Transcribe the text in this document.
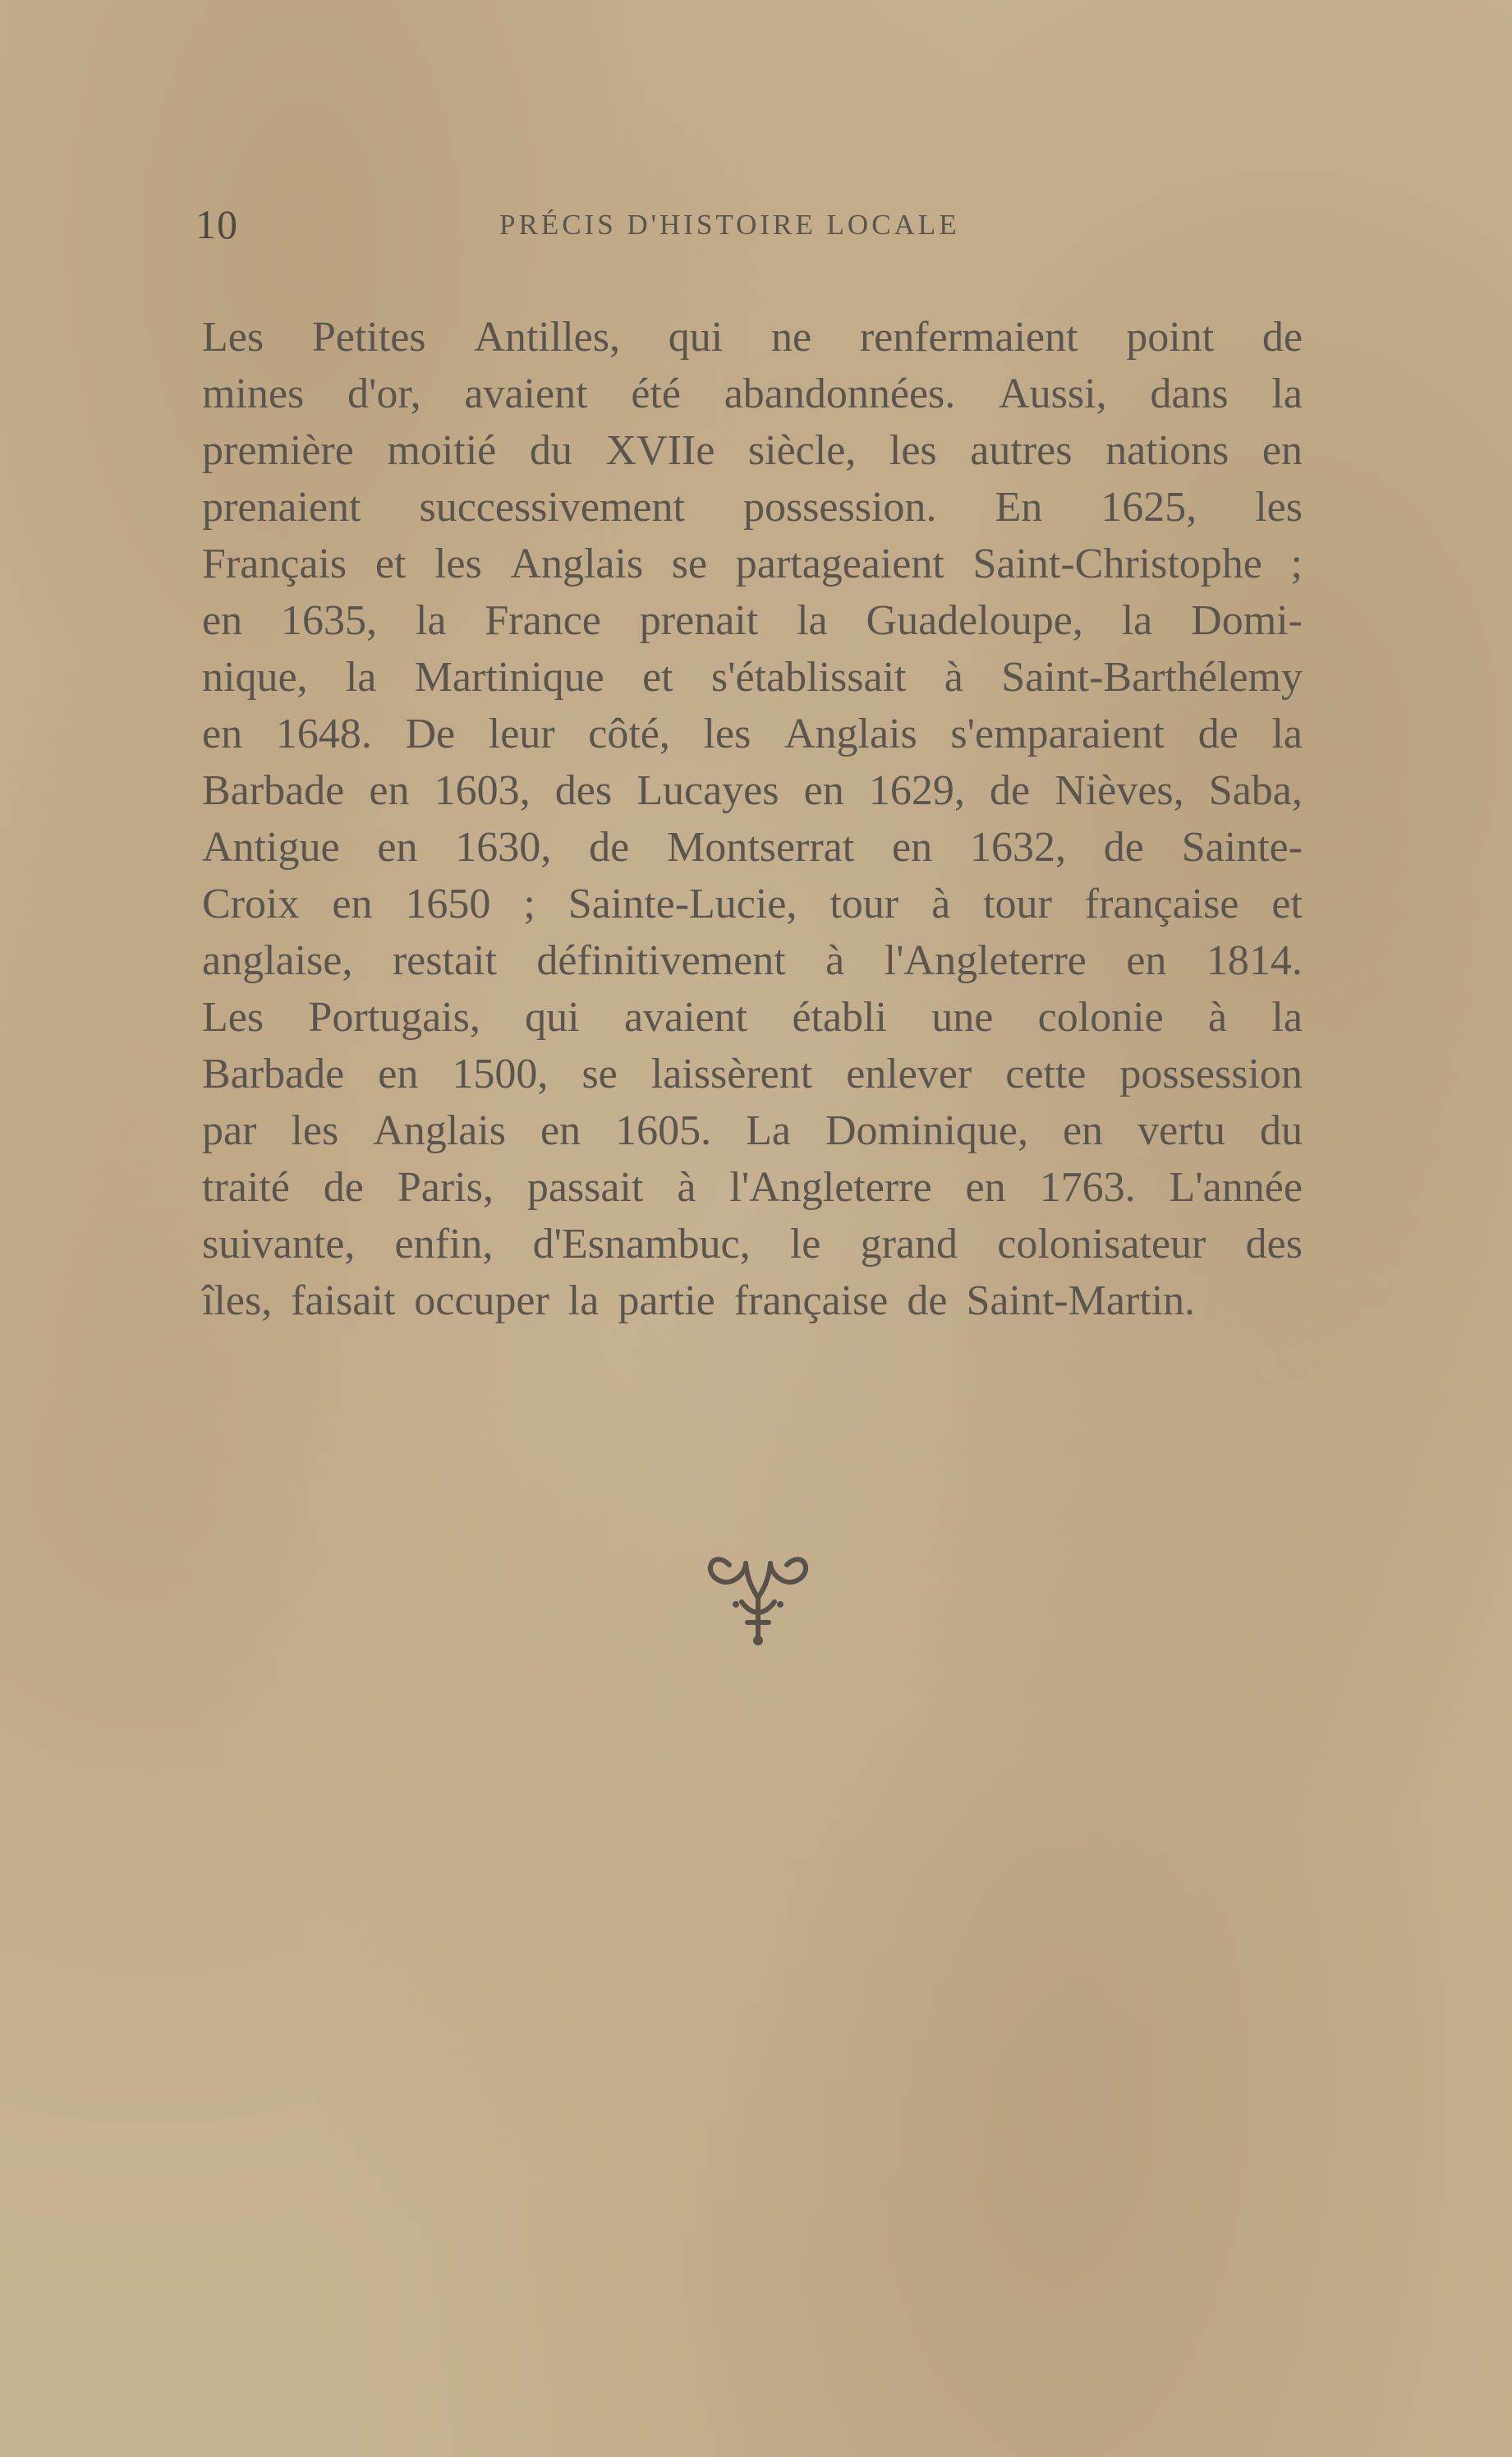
10	PRÉCIS D'HISTOIRE LOCALE
Les Petites Antilles, qui ne renfermaient point de
mines d'or, avaient été abandonnées. Aussi, dans la
première moitié du XVIIe siècle, les autres nations en
prenaient successivement possession. En 1625, les
Français et les Anglais se partageaient Saint-Christophe ;
en 1635, la France prenait la Guadeloupe, la Domi-
nique, la Martinique et s'établissait à Saint-Barthélemy
en 1648. De leur côté, les Anglais s'emparaient de la
Barbade en 1603, des Lucayes en 1629, de Nièves, Saba,
Antigue en 1630, de Montserrat en 1632, de Sainte-
Croix en 1650 ; Sainte-Lucie, tour à tour française et
anglaise, restait définitivement à l'Angleterre en 1814.
Les Portugais, qui avaient établi une colonie à la
Barbade en 1500, se laissèrent enlever cette possession
par les Anglais en 1605. La Dominique, en vertu du
traité de Paris, passait à l'Angleterre en 1763. L'année
suivante, enfin, d'Esnambuc, le grand colonisateur des
îles, faisait occuper la partie française de Saint-Martin.
